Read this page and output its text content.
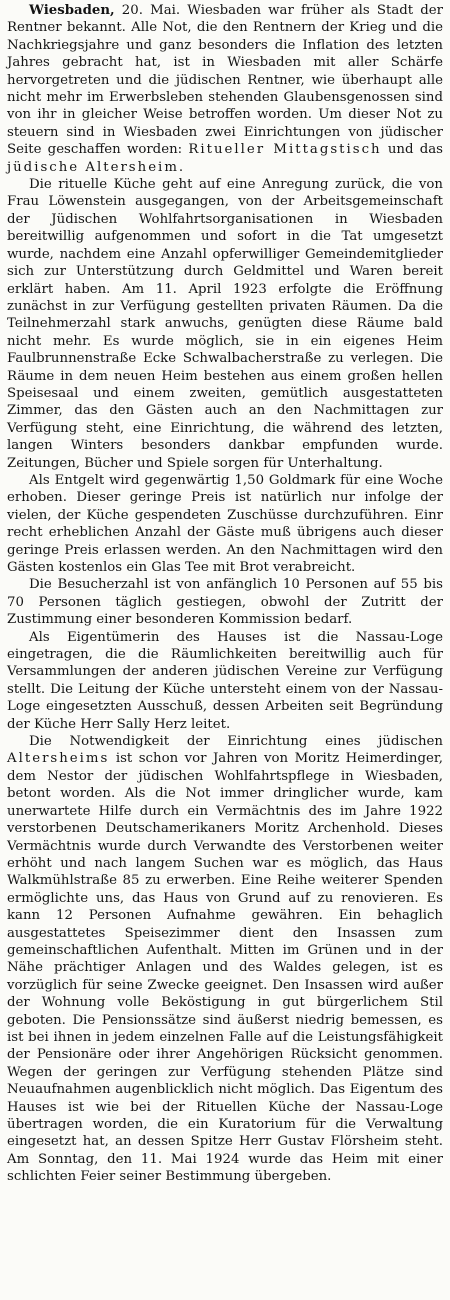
Wiesbaden, 20. Mai. Wiesbaden war früher als Stadt der Rentner bekannt. Alle Not, die den Rentnern der Krieg und die Nachkriegsjahre und ganz besonders die Inflation des letzten Jahres gebracht hat, ist in Wiesbaden mit aller Schärfe hervorgetreten und die jüdischen Rentner, wie überhaupt alle nicht mehr im Erwerbsleben stehenden Glaubensgenossen sind von ihr in gleicher Weise betroffen worden. Um dieser Not zu steuern sind in Wiesbaden zwei Einrichtungen von jüdischer Seite geschaffen worden: Ritueller Mittagstisch und das jüdische Altersheim.

Die rituelle Küche geht auf eine Anregung zurück, die von Frau Löwenstein ausgegangen, von der Arbeitsgemeinschaft der Jüdischen Wohlfahrtsorganisationen in Wiesbaden bereitwillig aufgenommen und sofort in die Tat umgesetzt wurde, nachdem eine Anzahl opferwilliger Gemeindemitglieder sich zur Unterstützung durch Geldmittel und Waren bereit erklärt haben. Am 11. April 1923 erfolgte die Eröffnung zunächst in zur Verfügung gestellten privaten Räumen. Da die Teilnehmerzahl stark anwuchs, genügten diese Räume bald nicht mehr. Es wurde möglich, sie in ein eigenes Heim Faulbrunnenstraße Ecke Schwalbacherstraße zu verlegen. Die Räume in dem neuen Heim bestehen aus einem großen hellen Speisesaal und einem zweiten, gemütlich ausgestatteten Zimmer, das den Gästen auch an den Nachmittagen zur Verfügung steht, eine Einrichtung, die während des letzten, langen Winters besonders dankbar empfunden wurde. Zeitungen, Bücher und Spiele sorgen für Unterhaltung.

Als Entgelt wird gegenwärtig 1,50 Goldmark für eine Woche erhoben. Dieser geringe Preis ist natürlich nur infolge der vielen, der Küche gespendeten Zuschüsse durchzuführen. Einr recht erheblichen Anzahl der Gäste muß übrigens auch dieser geringe Preis erlassen werden. An den Nachmittagen wird den Gästen kostenlos ein Glas Tee mit Brot verabreicht.

Die Besucherzahl ist von anfänglich 10 Personen auf 55 bis 70 Personen täglich gestiegen, obwohl der Zutritt der Zustimmung einer besonderen Kommission bedarf.

Als Eigentümerin des Hauses ist die Nassau-Loge eingetragen, die die Räumlichkeiten bereitwillig auch für Versammlungen der anderen jüdischen Vereine zur Verfügung stellt. Die Leitung der Küche untersteht einem von der Nassau-Loge eingesetzten Ausschuß, dessen Arbeiten seit Begründung der Küche Herr Sally Herz leitet.

Die Notwendigkeit der Einrichtung eines jüdischen Altersheims ist schon vor Jahren von Moritz Heimerdinger, dem Nestor der jüdischen Wohlfahrtspflege in Wiesbaden, betont worden. Als die Not immer dringlicher wurde, kam unerwartete Hilfe durch ein Vermächtnis des im Jahre 1922 verstorbenen Deutschamerikaners Moritz Archenhold. Dieses Vermächtnis wurde durch Verwandte des Verstorbenen weiter erhöht und nach langem Suchen war es möglich, das Haus Walkmühlstraße 85 zu erwerben. Eine Reihe weiterer Spenden ermöglichte uns, das Haus von Grund auf zu renovieren. Es kann 12 Personen Aufnahme gewähren. Ein behaglich ausgestattetes Speisezimmer dient den Insassen zum gemeinschaftlichen Aufenthalt. Mitten im Grünen und in der Nähe prächtiger Anlagen und des Waldes gelegen, ist es vorzüglich für seine Zwecke geeignet. Den Insassen wird außer der Wohnung volle Beköstigung in gut bürgerlichem Stil geboten. Die Pensionssätze sind äußerst niedrig bemessen, es ist bei ihnen in jedem einzelnen Falle auf die Leistungsfähigkeit der Pensionäre oder ihrer Angehörigen Rücksicht genommen. Wegen der geringen zur Verfügung stehenden Plätze sind Neuaufnahmen augenblicklich nicht möglich. Das Eigentum des Hauses ist wie bei der Rituellen Küche der Nassau-Loge übertragen worden, die ein Kuratorium für die Verwaltung eingesetzt hat, an dessen Spitze Herr Gustav Flörsheim steht. Am Sonntag, den 11. Mai 1924 wurde das Heim mit einer schlichten Feier seiner Bestimmung übergeben.
